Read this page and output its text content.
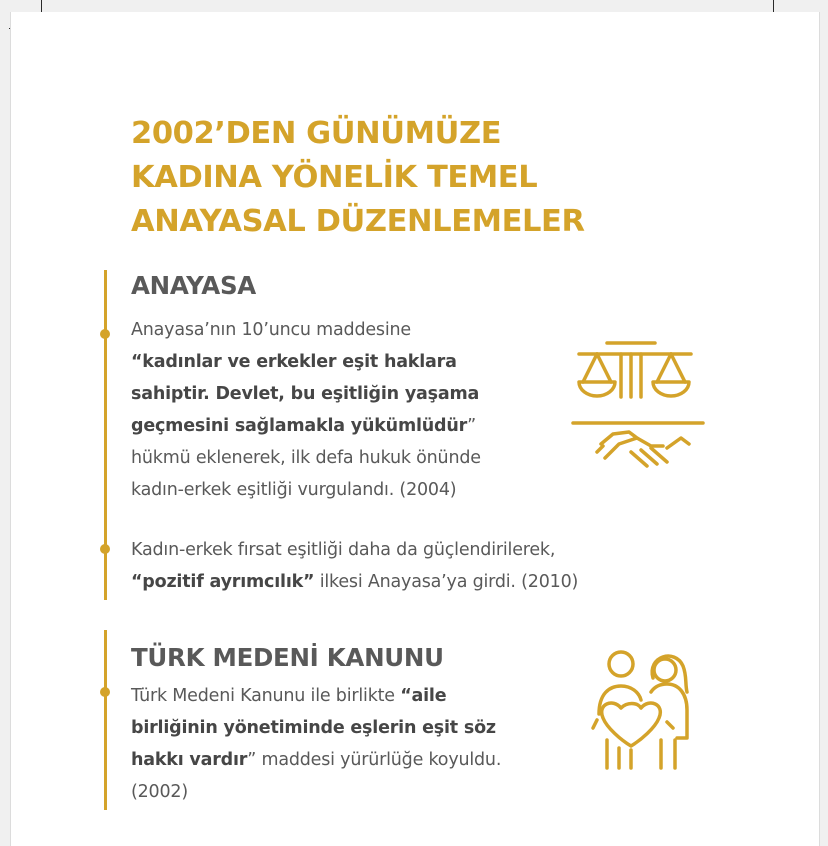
2002’DEN GÜNÜMÜZE
KADINA YÖNELİK TEMEL
ANAYASAL DÜZENLEMELER
ANAYASA

Anayasa’nın 10’uncu maddesine
“kadınlar ve erkekler eşit haklara
sahiptir. Devlet, bu eşitliğin yaşama
geçmesini sağlamakla yükümlüdür”
hükmü eklenerek, ilk defa hukuk önünde
kadın-erkek eşitliği vurgulandı. (2004)

Kadın-erkek fırsat eşitliği daha da güçlendirilerek,
“pozitif ayrımcılık” ilkesi Anayasa’ya girdi. (2010)

TÜRK MEDENİ KANUNU

Türk Medeni Kanunu ile birlikte “aile
birliğinin yönetiminde eşlerin eşit söz
hakkı vardır” maddesi yürürlüğe koyuldu.
(2002)
